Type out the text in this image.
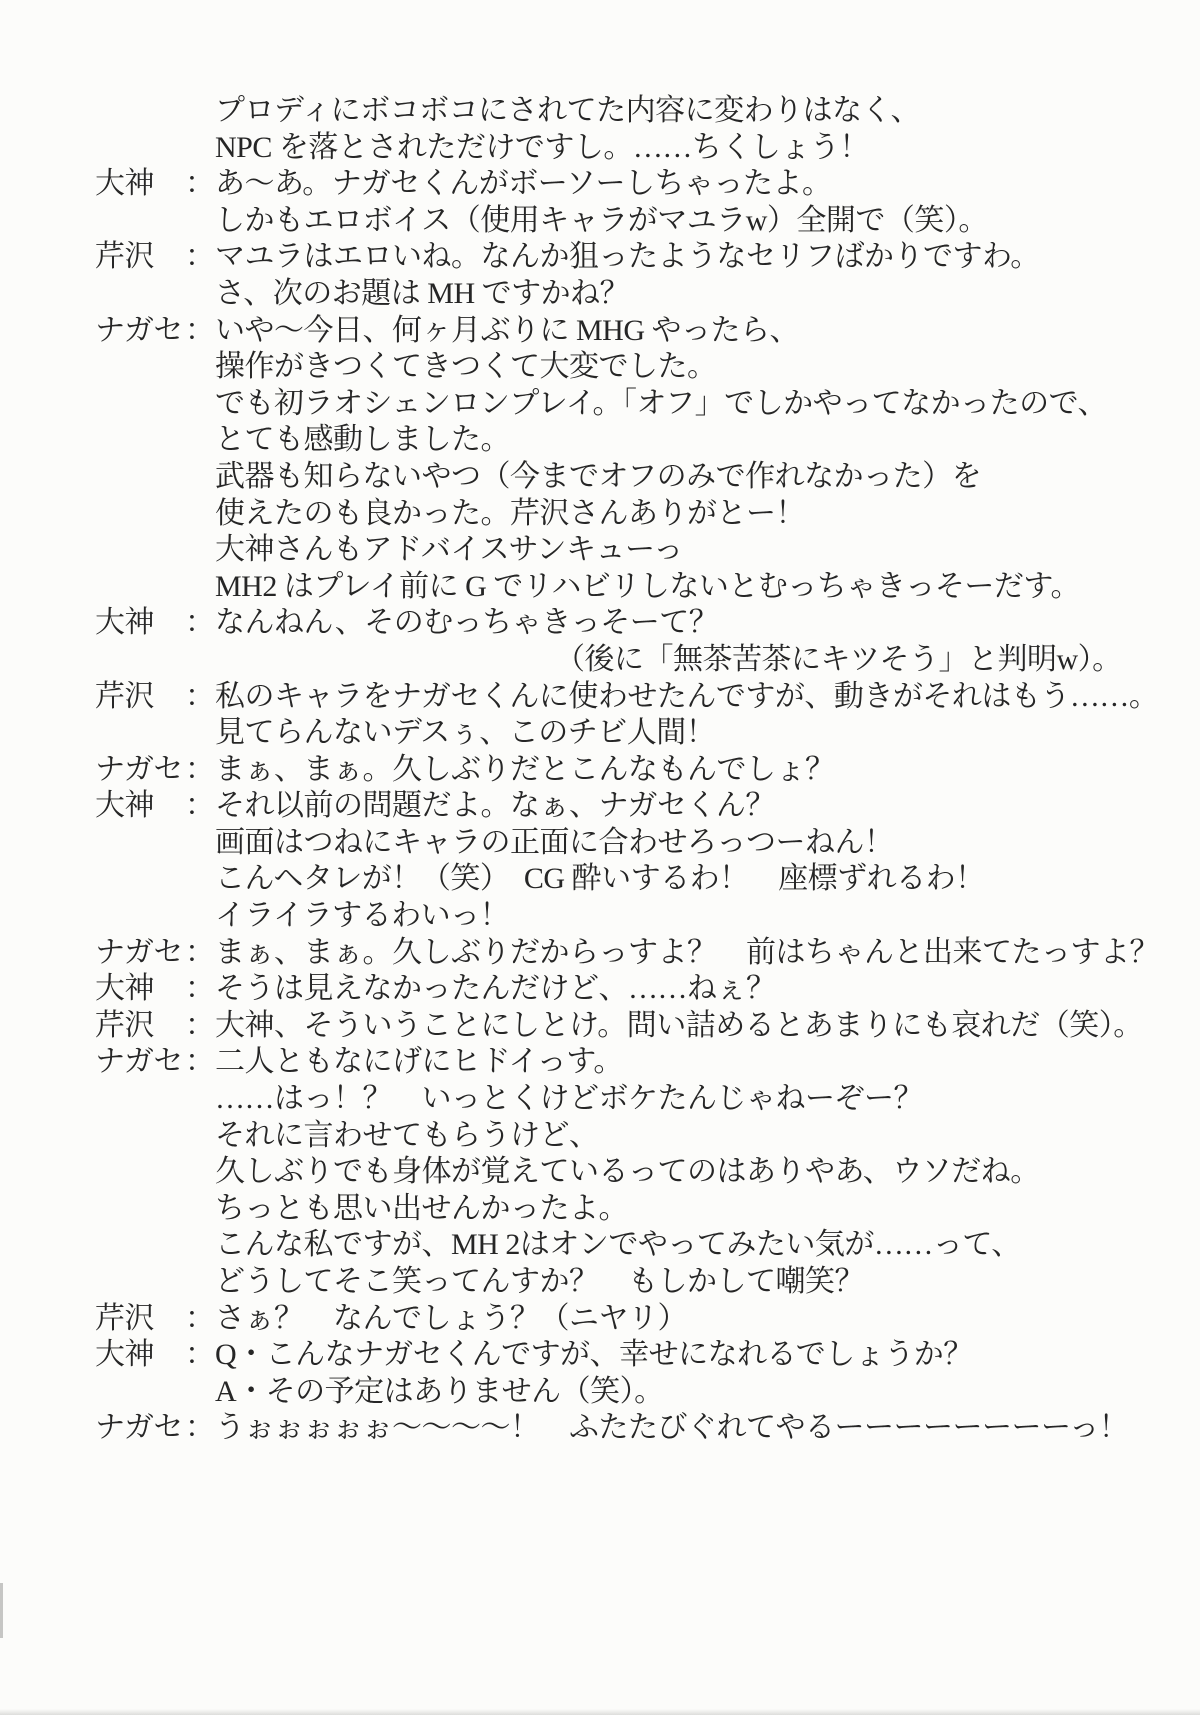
プロディにボコボコにされてた内容に変わりはなく、
NPC を落とされただけですし。……ちくしょう！
大神	： あ〜あ。ナガセくんがボーソーしちゃったよ。
しかもエロボイス（使用キャラがマユラw）全開で（笑）。
芹沢	： マユラはエロいね。なんか狙ったようなセリフばかりですわ。
さ、次のお題は MH ですかね？
ナガセ ： いや〜今日、何ヶ月ぶりに MHG やったら、
操作がきつくてきつくて大変でした。
でも初ラオシェンロンプレイ。「オフ」でしかやってなかったので、
とても感動しました。
武器も知らないやつ（今までオフのみで作れなかった）を
使えたのも良かった。芹沢さんありがとー！
大神さんもアドバイスサンキューっ
MH2 はプレイ前に G でリハビリしないとむっちゃきっそーだす。
大神	： なんねん、そのむっちゃきっそーて？
（後に「無茶苦茶にキツそう」と判明w）。
芹沢	： 私のキャラをナガセくんに使わせたんですが、動きがそれはもう……。
見てらんないデスぅ、このチビ人間！
ナガセ ： まぁ、まぁ。久しぶりだとこんなもんでしょ？
大神	： それ以前の問題だよ。なぁ、ナガセくん？
画面はつねにキャラの正面に合わせろっつーねん！
こんヘタレが！（笑）　CG 酔いするわ！　座標ずれるわ！
イライラするわいっ！
ナガセ ： まぁ、まぁ。久しぶりだからっすよ？　前はちゃんと出来てたっすよ？
大神	： そうは見えなかったんだけど、……ねぇ？
芹沢	： 大神、そういうことにしとけ。問い詰めるとあまりにも哀れだ（笑）。
ナガセ ： 二人ともなにげにヒドイっす。
……はっ！？　いっとくけどボケたんじゃねーぞー？
それに言わせてもらうけど、
久しぶりでも身体が覚えているってのはありやあ、ウソだね。
ちっとも思い出せんかったよ。
こんな私ですが、MH 2はオンでやってみたい気が……って、
どうしてそこ笑ってんすか？　もしかして嘲笑？
芹沢	： さぁ？　なんでしょう？（ニヤリ）
大神	： Q・こんなナガセくんですが、幸せになれるでしょうか？
A・その予定はありません（笑）。
ナガセ ： うぉぉぉぉぉ〜〜〜〜！　ふたたびぐれてやるーーーーーーーーっ！
